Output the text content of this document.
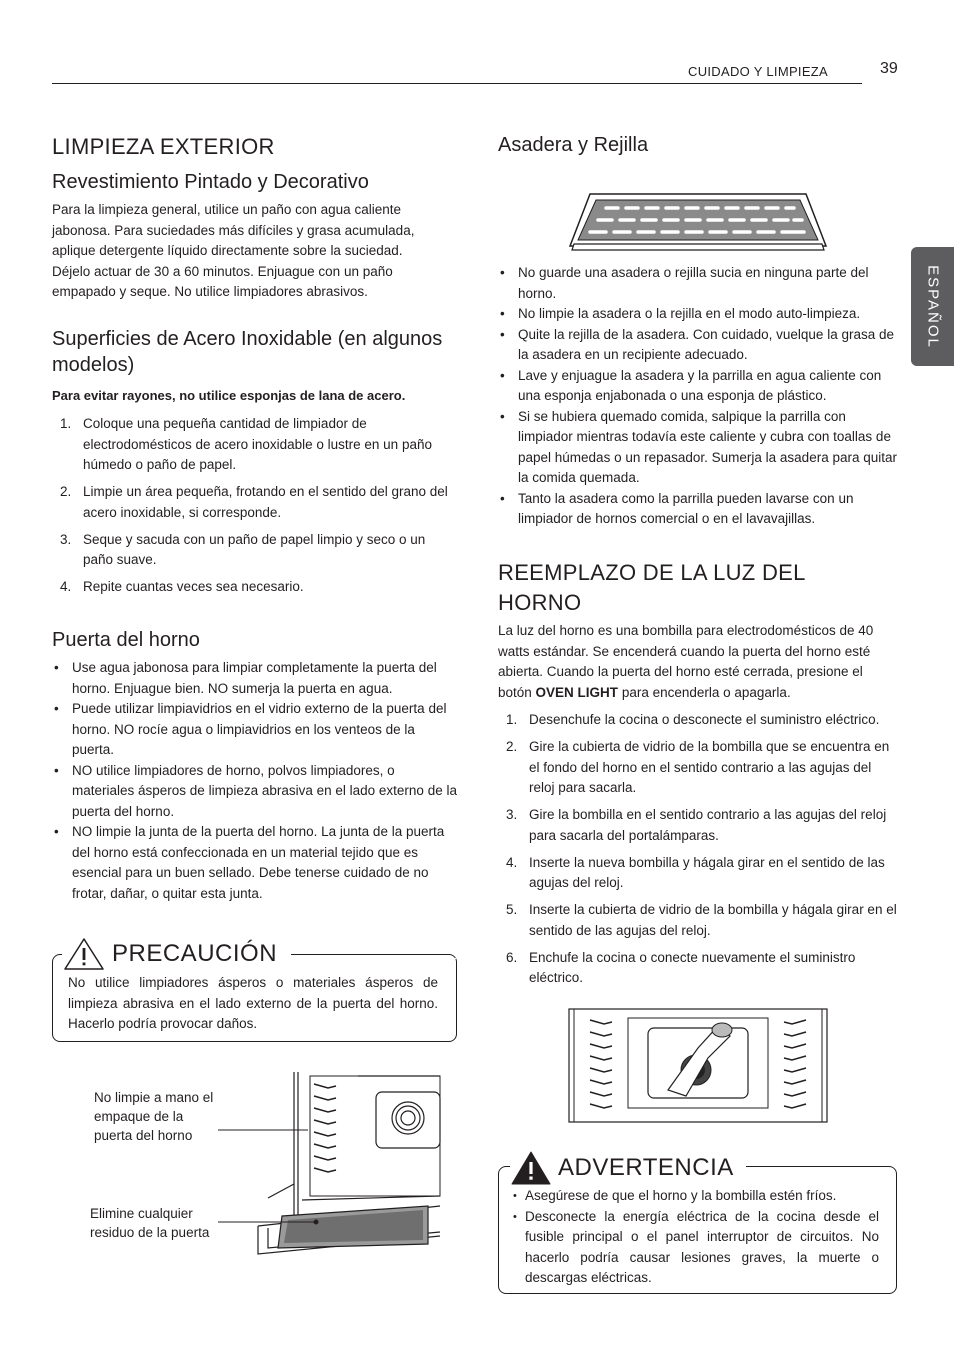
CUIDADO Y LIMPIEZA	39
ESPAÑOL
LIMPIEZA EXTERIOR
Revestimiento Pintado y Decorativo

Para la limpieza general, utilice un paño con agua caliente jabonosa. Para suciedades más difíciles y grasa acumulada, aplique detergente líquido directamente sobre la suciedad. Déjelo actuar de 30 a 60 minutos. Enjuague con un paño empapado y seque. No utilice limpiadores abrasivos.

Superficies de Acero Inoxidable (en algunos modelos)

Para evitar rayones, no utilice esponjas de lana de acero.

1. Coloque una pequeña cantidad de limpiador de electrodomésticos de acero inoxidable o lustre en un paño húmedo o paño de papel.
2. Limpie un área pequeña, frotando en el sentido del grano del acero inoxidable, si corresponde.
3. Seque y sacuda con un paño de papel limpio y seco o un paño suave.
4. Repite cuantas veces sea necesario.
Puerta del horno
• Use agua jabonosa para limpiar completamente la puerta del horno. Enjuague bien. NO sumerja la puerta en agua.
• Puede utilizar limpiavidrios en el vidrio externo de la puerta del horno. NO rocíe agua o limpiavidrios en los venteos de la puerta.
• NO utilice limpiadores de horno, polvos limpiadores, o materiales ásperos de limpieza abrasiva en el lado externo de la puerta del horno.
• NO limpie la junta de la puerta del horno. La junta de la puerta del horno está confeccionada en un material tejido que es esencial para un buen sellado. Debe tenerse cuidado de no frotar, dañar, o quitar esta junta.
PRECAUCIÓN

No utilice limpiadores ásperos o materiales ásperos de limpieza abrasiva en el lado externo de la puerta del horno. Hacerlo podría provocar daños.

No limpie a mano el empaque de la puerta del horno
Elimine cualquier residuo de la puerta
Asadera y Rejilla
• No guarde una asadera o rejilla sucia en ninguna parte del horno.
• No limpie la asadera o la rejilla en el modo auto-limpieza.
• Quite la rejilla de la asadera. Con cuidado, vuelque la grasa de la asadera en un recipiente adecuado.
• Lave y enjuague la asadera y la parrilla en agua caliente con una esponja enjabonada o una esponja de plástico.
• Si se hubiera quemado comida, salpique la parrilla con limpiador mientras todavía este caliente y cubra con toallas de papel húmedas o un repasador. Sumerja la asadera para quitar la comida quemada.
• Tanto la asadera como la parrilla pueden lavarse con un limpiador de hornos comercial o en el lavavajillas.
REEMPLAZO DE LA LUZ DEL HORNO

La luz del horno es una bombilla para electrodomésticos de 40 watts estándar. Se encenderá cuando la puerta del horno esté abierta. Cuando la puerta del horno esté cerrada, presione el botón OVEN LIGHT para encenderla o apagarla.

1. Desenchufe la cocina o desconecte el suministro eléctrico.
2. Gire la cubierta de vidrio de la bombilla que se encuentra en el fondo del horno en el sentido contrario a las agujas del reloj para sacarla.
3. Gire la bombilla en el sentido contrario a las agujas del reloj para sacarla del portalámparas.
4. Inserte la nueva bombilla y hágala girar en el sentido de las agujas del reloj.
5. Inserte la cubierta de vidrio de la bombilla y hágala girar en el sentido de las agujas del reloj.
6. Enchufe la cocina o conecte nuevamente el suministro eléctrico.
ADVERTENCIA
• Asegúrese de que el horno y la bombilla estén fríos.
• Desconecte la energía eléctrica de la cocina desde el fusible principal o el panel interruptor de circuitos. No hacerlo podría causar lesiones graves, la muerte o descargas eléctricas.
